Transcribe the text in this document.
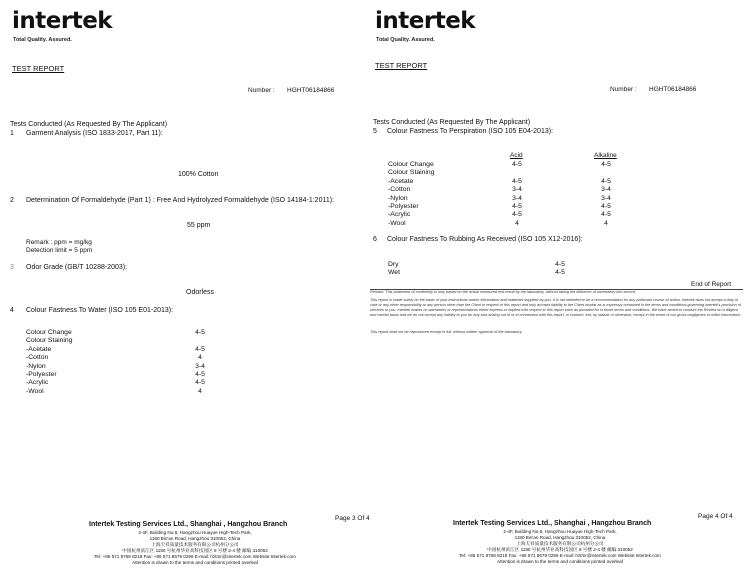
intertek
Total Quality. Assured.
TEST REPORT
Number : HGHT06184866
Tests Conducted (As Requested By The Applicant)
1 Garment Analysis (ISO 1833-2017, Part 11):
100% Cotton
2 Determination Of Formaldehyde (Part 1) : Free And Hydrolyzed Formaldehyde (ISO 14184-1:2011):
55 ppm
Remark : ppm = mg/kg
Detection limit = 5 ppm
3 Odor Grade (GB/T 10288-2003):
Odorless
4 Colour Fastness To Water (ISO 105 E01-2013):
Colour Change
Colour Staining
-Acetate
-Cotton
-Nylon
-Polyester
-Acrylic
-Wool
4-5

4-5
4
3-4
4-5
4-5
4
Page 3 Of 4
Intertek Testing Services Ltd., Shanghai , Hangzhou Branch
2-4F, Building No.8, Hangzhou Huayue High-Tech Park,
1180 Bin'an Road, Hangzhou 310052, China
上海天祥质量技术服务有限公司杭州分公司
中国杭州滨江区 1180 号杭州华业高科技园区 8 号楼 2-4 楼 邮编 310052
Tel: +86 571 8768 8218 Fax: +86 571 8679 0296 E-mail: hztmr@intertek.com Website:Intertek.com
Attention is drawn to the terms and conditions printed overleaf
intertek
Total Quality. Assured.
TEST REPORT
Number : HGHT06184866
Tests Conducted (As Requested By The Applicant)
5 Colour Fastness To Perspiration (ISO 105 E04-2013):
Acid	Alkaline
Colour Change
Colour Staining
-Acetate
-Cotton
-Nylon
-Polyester
-Acrylic
-Wool
4-5

4-5
3-4
3-4
4-5
4-5
4
4-5

4-5
3-4
3-4
4-5
4-5
4
6 Colour Fastness To Rubbing As Received (ISO 105 X12-2016):
Dry
Wet
4-5
4-5
End of Report
Remark: This statement of conformity is only based on the actual measured test result by the laboratory, without taking the influence of uncertainty into accont.
This report is made solely on the basis of your instructions and/or information and materials supplied by you. It is not intended to be a recommendation for any particular course of action. Intertek does not accept a duty of care or any other responsibility to any person other than the Client in respect of this report and only accepts liability to the Client insofar as is expressly contained in the terms and conditions governing Intertek's provision of services to you. Intertek makes no warranties or representations either express or implied with respect to this report save as provided for in those terms and conditions. We have aimed to conduct the Review on a diligent and careful basis and we do not accept any liability to you for any loss arising out of or in connection with this report, in contract, tort, by statute or otherwise, except in the event of our gross negligence or wilful misconduct.
This report shall not be reproduced except in full, without written approval of the laboratory.
Page 4 Of 4
Intertek Testing Services Ltd., Shanghai , Hangzhou Branch
2-4F, Building No.8, Hangzhou Huayue High-Tech Park,
1180 Bin'an Road, Hangzhou 310052, China
上海天祥质量技术服务有限公司杭州分公司
中国杭州滨江区 1180 号杭州华业高科技园区 8 号楼 2-4 楼 邮编 310052
Tel: +86 571 8768 8218 Fax: +86 571 8679 0296 E-mail: hztmr@intertek.com Website:Intertek.com
Attention is drawn to the terms and conditions printed overleaf
